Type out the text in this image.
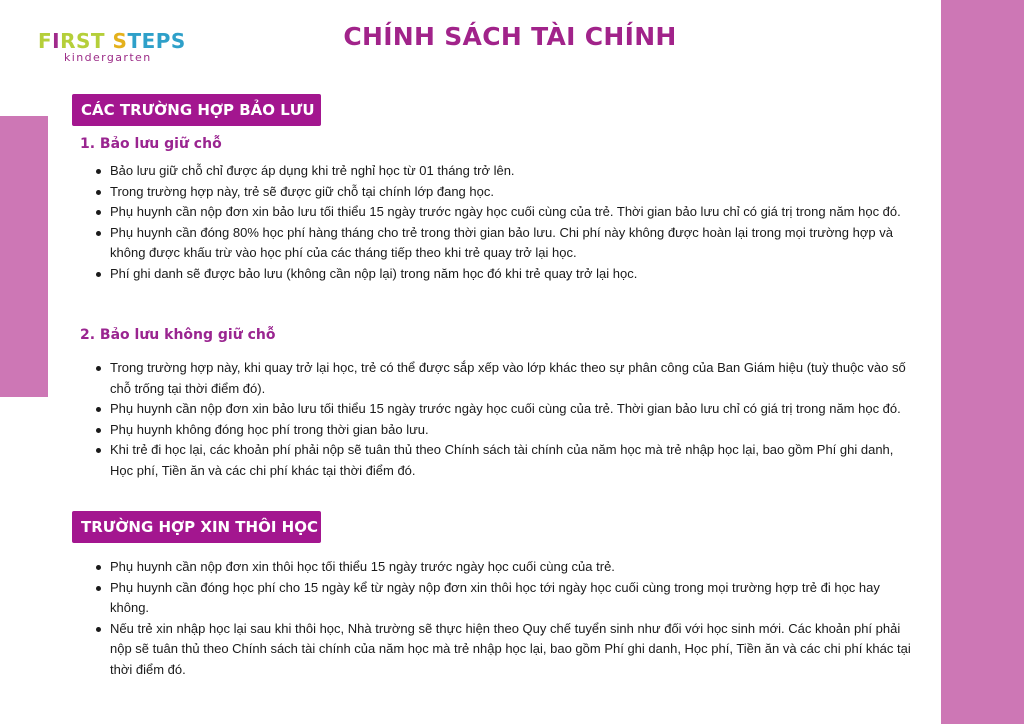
FIRST STEPS
kindergarten
CHÍNH SÁCH TÀI CHÍNH
CÁC TRƯỜNG HỢP BẢO LƯU
1. Bảo lưu giữ chỗ
Bảo lưu giữ chỗ chỉ được áp dụng khi trẻ nghỉ học từ 01 tháng trở lên.
Trong trường hợp này, trẻ sẽ được giữ chỗ tại chính lớp đang học.
Phụ huynh cần nộp đơn xin bảo lưu tối thiểu 15 ngày trước ngày học cuối cùng của trẻ. Thời gian bảo lưu chỉ có giá trị trong năm học đó.
Phụ huynh cần đóng 80% học phí hàng tháng cho trẻ trong thời gian bảo lưu. Chi phí này không được hoàn lại trong mọi trường hợp và không được khấu trừ vào học phí của các tháng tiếp theo khi trẻ quay trở lại học.
Phí ghi danh sẽ được bảo lưu (không cần nộp lại) trong năm học đó khi trẻ quay trở lại học.
2. Bảo lưu không giữ chỗ
Trong trường hợp này, khi quay trở lại học, trẻ có thể được sắp xếp vào lớp khác theo sự phân công của Ban Giám hiệu (tuỳ thuộc vào số chỗ trống tại thời điểm đó).
Phụ huynh cần nộp đơn xin bảo lưu tối thiểu 15 ngày trước ngày học cuối cùng của trẻ. Thời gian bảo lưu chỉ có giá trị trong năm học đó.
Phụ huynh không đóng học phí trong thời gian bảo lưu.
Khi trẻ đi học lại, các khoản phí phải nộp sẽ tuân thủ theo Chính sách tài chính của năm học mà trẻ nhập học lại, bao gồm Phí ghi danh, Học phí, Tiền ăn và các chi phí khác tại thời điểm đó.
TRƯỜNG HỢP XIN THÔI HỌC
Phụ huynh cần nộp đơn xin thôi học tối thiểu 15 ngày trước ngày học cuối cùng của trẻ.
Phụ huynh cần đóng học phí cho 15 ngày kể từ ngày nộp đơn xin thôi học tới ngày học cuối cùng trong mọi trường hợp trẻ đi học hay không.
Nếu trẻ xin nhập học lại sau khi thôi học, Nhà trường sẽ thực hiện theo Quy chế tuyển sinh như đối với học sinh mới. Các khoản phí phải nộp sẽ tuân thủ theo Chính sách tài chính của năm học mà trẻ nhập học lại, bao gồm Phí ghi danh, Học phí, Tiền ăn và các chi phí khác tại thời điểm đó.
